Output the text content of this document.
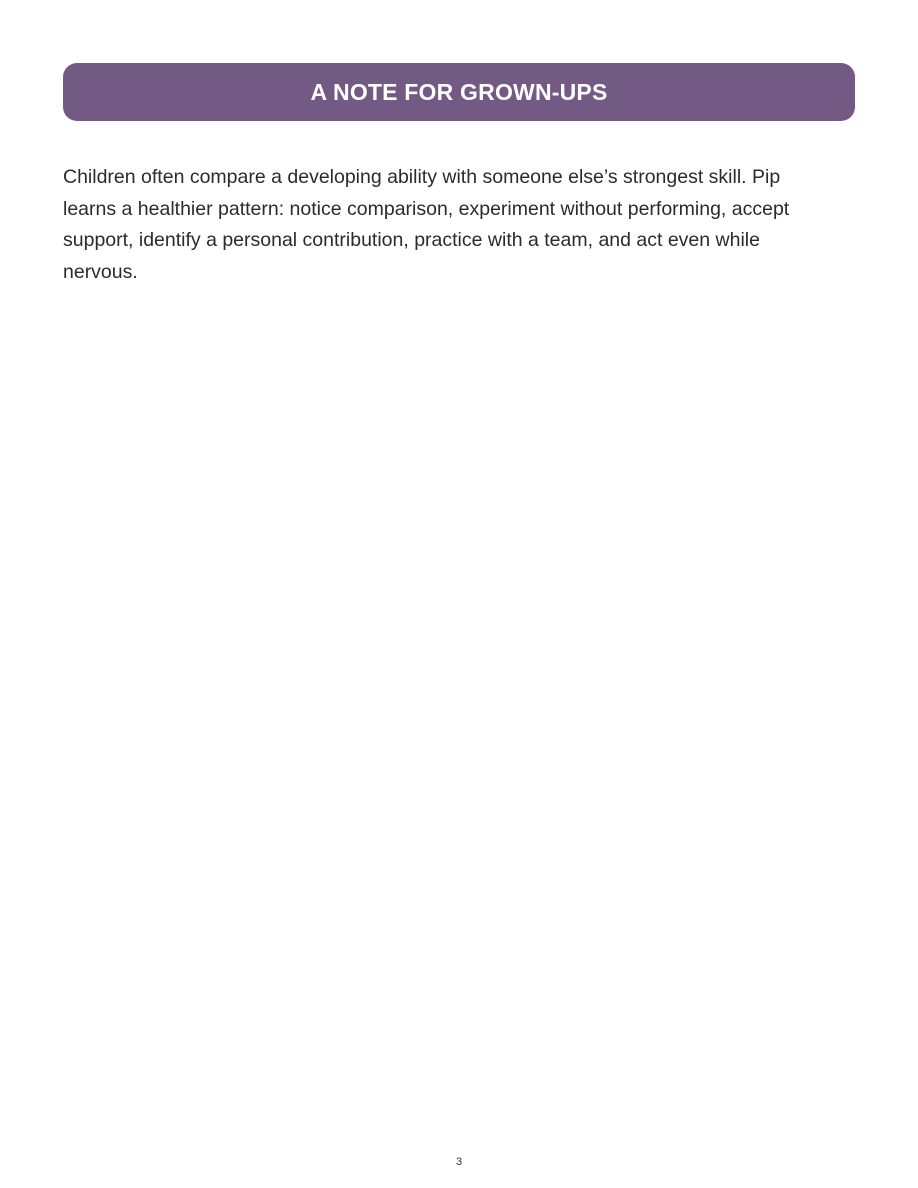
A NOTE FOR GROWN-UPS

Children often compare a developing ability with someone else’s strongest skill. Pip learns a healthier pattern: notice comparison, experiment without performing, accept support, identify a personal contribution, practice with a team, and act even while nervous.

3
